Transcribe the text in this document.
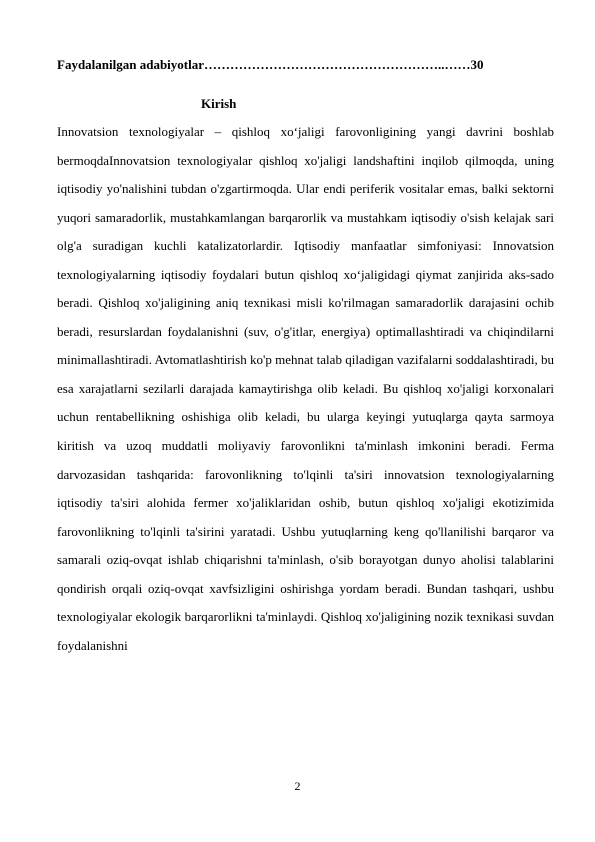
Faydalanilgan adabiyotlar………………………………………………..……30
Kirish
Innovatsion texnologiyalar – qishloq xo‘jaligi farovonligining yangi davrini boshlab bermoqdaInnovatsion texnologiyalar qishloq xo'jaligi landshaftini inqilob qilmoqda, uning iqtisodiy yo'nalishini tubdan o'zgartirmoqda. Ular endi periferik vositalar emas, balki sektorni yuqori samaradorlik, mustahkamlangan barqarorlik va mustahkam iqtisodiy o'sish kelajak sari olg'a suradigan kuchli katalizatorlardir. Iqtisodiy manfaatlar simfoniyasi: Innovatsion texnologiyalarning iqtisodiy foydalari butun qishloq xo‘jaligidagi qiymat zanjirida aks-sado beradi. Qishloq xo'jaligining aniq texnikasi misli ko'rilmagan samaradorlik darajasini ochib beradi, resurslardan foydalanishni (suv, o'g'itlar, energiya) optimallashtiradi va chiqindilarni minimallashtiradi. Avtomatlashtirish ko'p mehnat talab qiladigan vazifalarni soddalashtiradi, bu esa xarajatlarni sezilarli darajada kamaytirishga olib keladi. Bu qishloq xo'jaligi korxonalari uchun rentabellikning oshishiga olib keladi, bu ularga keyingi yutuqlarga qayta sarmoya kiritish va uzoq muddatli moliyaviy farovonlikni ta'minlash imkonini beradi. Ferma darvozasidan tashqarida: farovonlikning to'lqinli ta'siri innovatsion texnologiyalarning iqtisodiy ta'siri alohida fermer xo'jaliklaridan oshib, butun qishloq xo'jaligi ekotizimida farovonlikning to'lqinli ta'sirini yaratadi. Ushbu yutuqlarning keng qo'llanilishi barqaror va samarali oziq-ovqat ishlab chiqarishni ta'minlash, o'sib borayotgan dunyo aholisi talablarini qondirish orqali oziq-ovqat xavfsizligini oshirishga yordam beradi. Bundan tashqari, ushbu texnologiyalar ekologik barqarorlikni ta'minlaydi. Qishloq xo'jaligining nozik texnikasi suvdan foydalanishni
2
